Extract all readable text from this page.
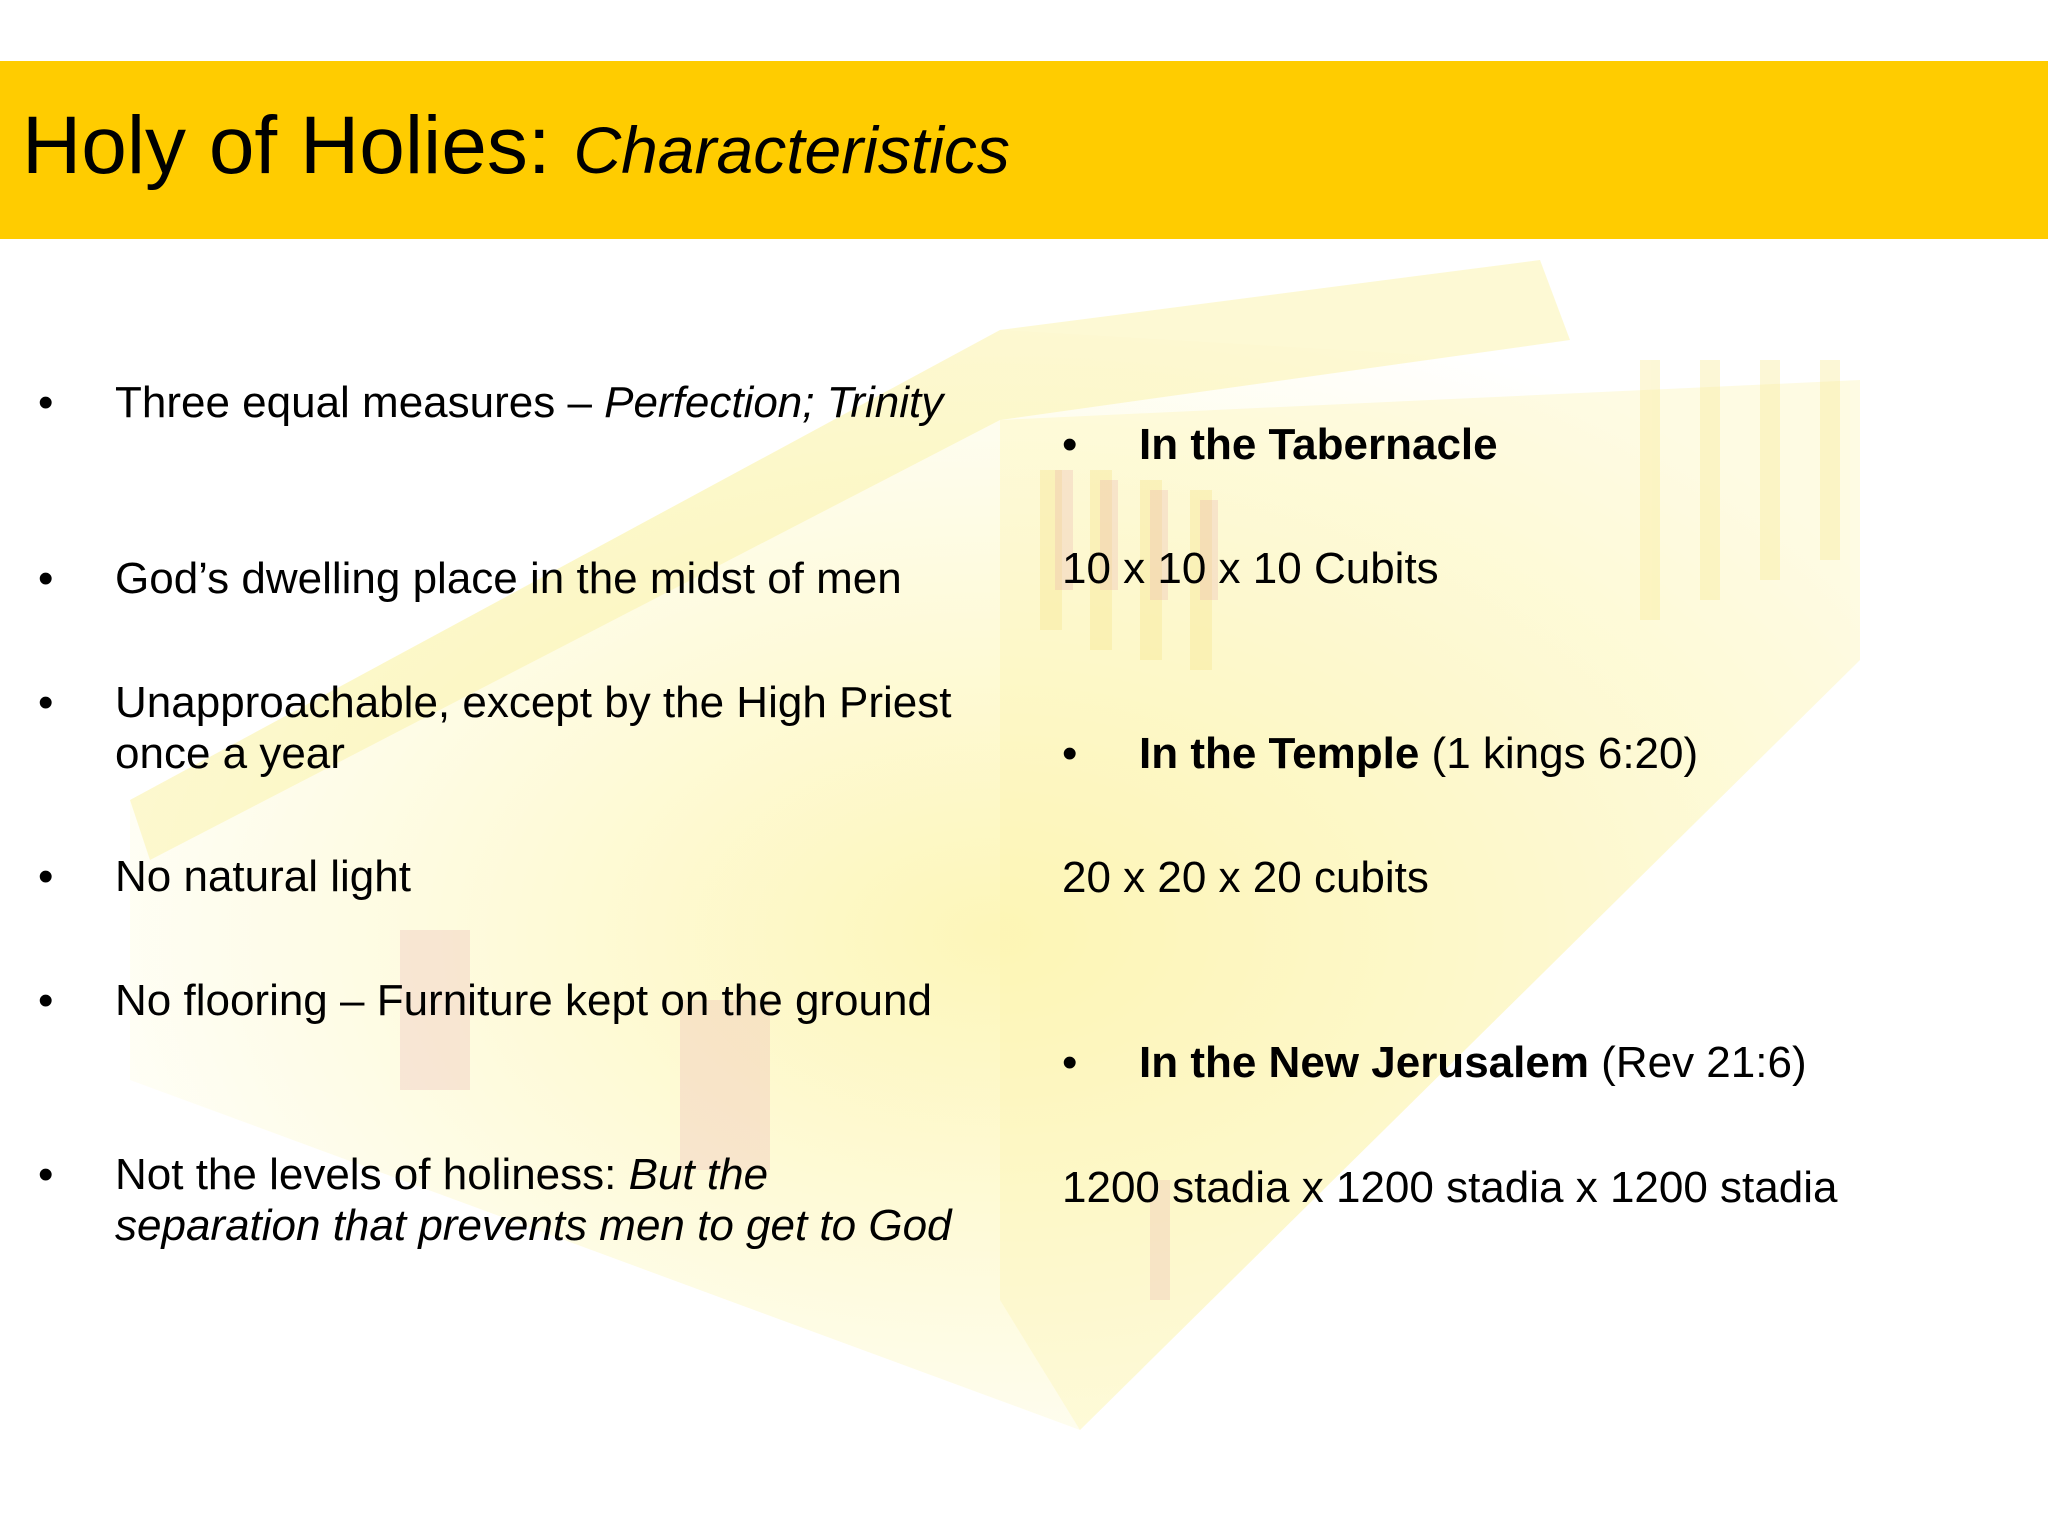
Holy of Holies: Characteristics
•	Three equal measures – Perfection; Trinity
•	God’s dwelling place in the midst of men
•	Unapproachable, except by the High Priest once a year
•	No natural light
•	No flooring – Furniture kept on the ground
•	Not the levels of holiness: But the separation that prevents men to get to God
•	In the Tabernacle
10 x 10 x 10 Cubits
•	In the Temple (1 kings 6:20)
20 x 20 x 20 cubits
•	In the New Jerusalem (Rev 21:6)
1200 stadia x 1200 stadia x 1200 stadia
